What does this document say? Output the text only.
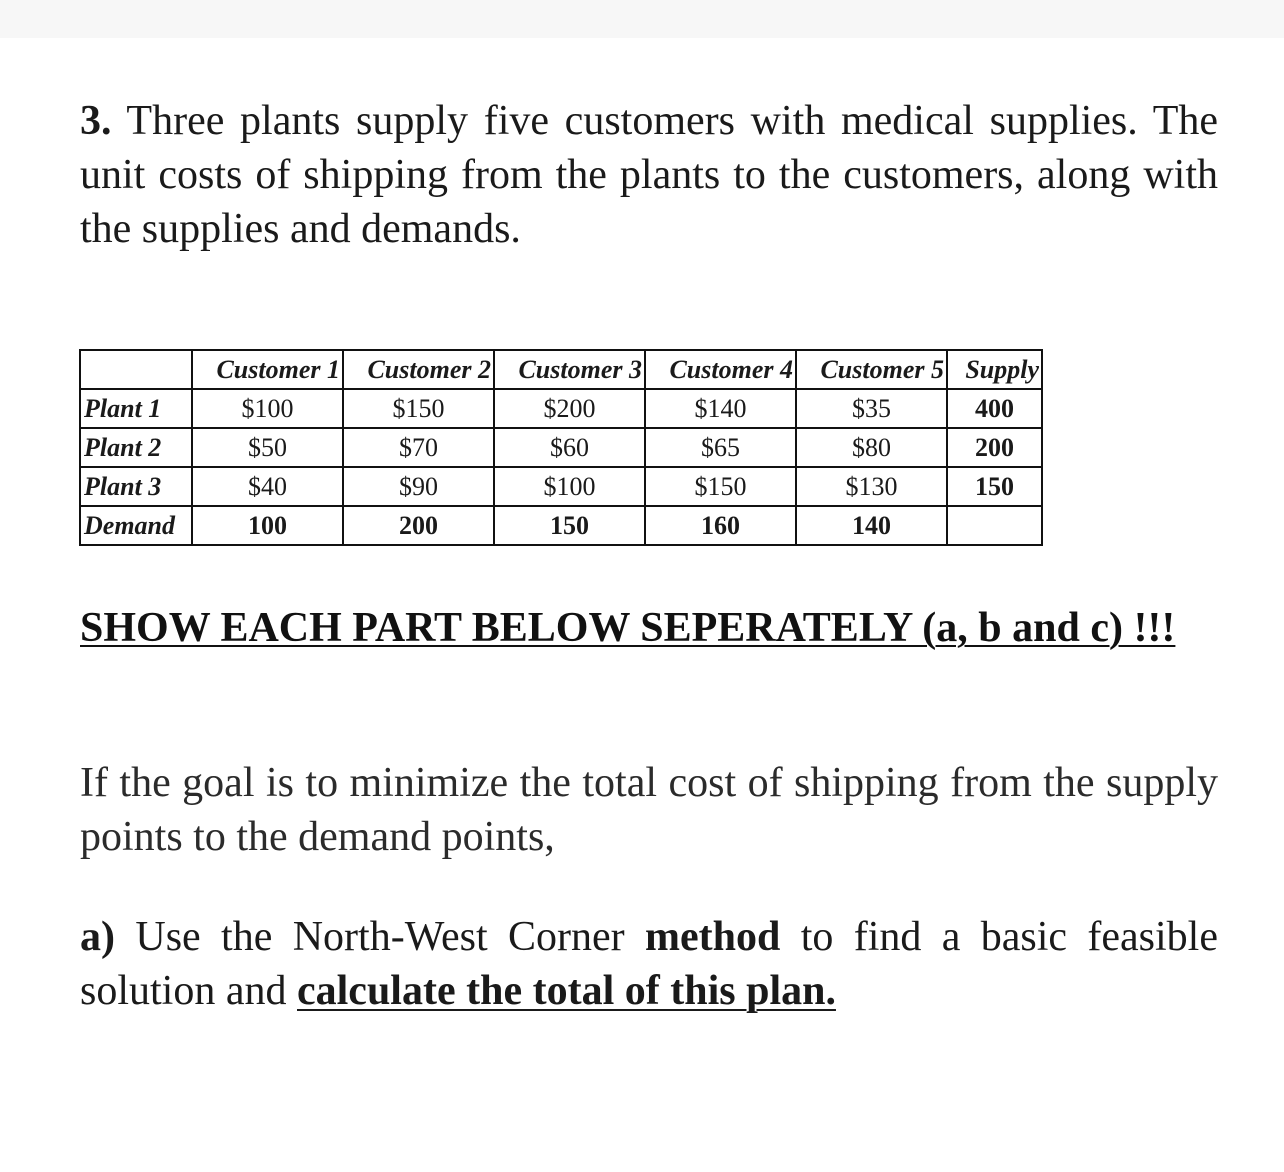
3. Three plants supply five customers with medical supplies. The unit costs of shipping from the plants to the customers, along with the supplies and demands.

	Customer 1	Customer 2	Customer 3	Customer 4	Customer 5	Supply
Plant 1	$100	$150	$200	$140	$35	400
Plant 2	$50	$70	$60	$65	$80	200
Plant 3	$40	$90	$100	$150	$130	150
Demand	100	200	150	160	140	

SHOW EACH PART BELOW SEPERATELY (a, b and c) !!!

If the goal is to minimize the total cost of shipping from the supply points to the demand points,

a) Use the North-West Corner method to find a basic feasible solution and calculate the total of this plan.
